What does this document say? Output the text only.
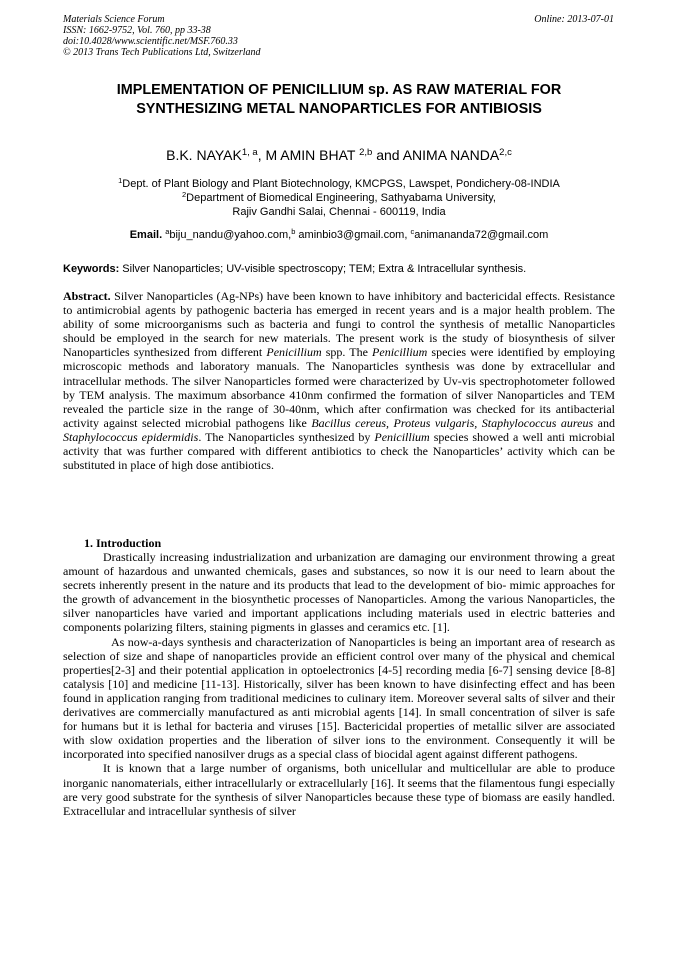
Materials Science Forum
ISSN: 1662-9752, Vol. 760, pp 33-38
doi:10.4028/www.scientific.net/MSF.760.33
© 2013 Trans Tech Publications Ltd, Switzerland
Online: 2013-07-01
IMPLEMENTATION OF PENICILLIUM sp. AS RAW MATERIAL FOR
SYNTHESIZING METAL NANOPARTICLES FOR ANTIBIOSIS
B.K. NAYAK$^{1, a}$, M AMIN BHAT $^{2,b}$ and ANIMA NANDA$^{2,c}$
$^1$Dept. of Plant Biology and Plant Biotechnology, KMCPGS, Lawspet, Pondichery-08-INDIA
$^2$Department of Biomedical Engineering, Sathyabama University,
Rajiv Gandhi Salai, Chennai - 600119, India
Email. $^a$biju_nandu@yahoo.com,$^b$ aminbio3@gmail.com, $^c$animananda72@gmail.com
Keywords: Silver Nanoparticles; UV-visible spectroscopy; TEM; Extra & Intracellular synthesis.
Abstract. Silver Nanoparticles (Ag-NPs) have been known to have inhibitory and bactericidal effects. Resistance to antimicrobial agents by pathogenic bacteria has emerged in recent years and is a major health problem. The ability of some microorganisms such as bacteria and fungi to control the synthesis of metallic Nanoparticles should be employed in the search for new materials. The present work is the study of biosynthesis of silver Nanoparticles synthesized from different Penicillium spp. The Penicillium species were identified by employing microscopic methods and laboratory manuals. The Nanoparticles synthesis was done by extracellular and intracellular methods. The silver Nanoparticles formed were characterized by Uv-vis spectrophotometer followed by TEM analysis. The maximum absorbance 410nm confirmed the formation of silver Nanoparticles and TEM revealed the particle size in the range of 30-40nm, which after confirmation was checked for its antibacterial activity against selected microbial pathogens like Bacillus cereus, Proteus vulgaris, Staphylococcus aureus and Staphylococcus epidermidis. The Nanoparticles synthesized by Penicillium species showed a well anti microbial activity that was further compared with different antibiotics to check the Nanoparticles’ activity which can be substituted in place of high dose antibiotics.
1. Introduction

Drastically increasing industrialization and urbanization are damaging our environment throwing a great amount of hazardous and unwanted chemicals, gases and substances, so now it is our need to learn about the secrets inherently present in the nature and its products that lead to the development of bio- mimic approaches for the growth of advancement in the biosynthetic processes of Nanoparticles. Among the various Nanoparticles, the silver nanoparticles have varied and important applications including materials used in electric batteries and components polarizing filters, staining pigments in glasses and ceramics etc. [1].

As now-a-days synthesis and characterization of Nanoparticles is being an important area of research as selection of size and shape of nanoparticles provide an efficient control over many of the physical and chemical properties[2-3] and their potential application in optoelectronics [4-5] recording media [6-7] sensing device [8-8] catalysis [10] and medicine [11-13]. Historically, silver has been known to have disinfecting effect and has been found in application ranging from traditional medicines to culinary item. Moreover several salts of silver and their derivatives are commercially manufactured as anti microbial agents [14]. In small concentration of silver is safe for humans but it is lethal for bacteria and viruses [15]. Bactericidal properties of metallic silver are associated with slow oxidation properties and the liberation of silver ions to the environment. Consequently it will be incorporated into specified nanosilver drugs as a special class of biocidal agent against different pathogens.

It is known that a large number of organisms, both unicellular and multicellular are able to produce inorganic nanomaterials, either intracellularly or extracellularly [16]. It seems that the filamentous fungi especially are very good substrate for the synthesis of silver Nanoparticles because these type of biomass are easily handled. Extracellular and intracellular synthesis of silver
